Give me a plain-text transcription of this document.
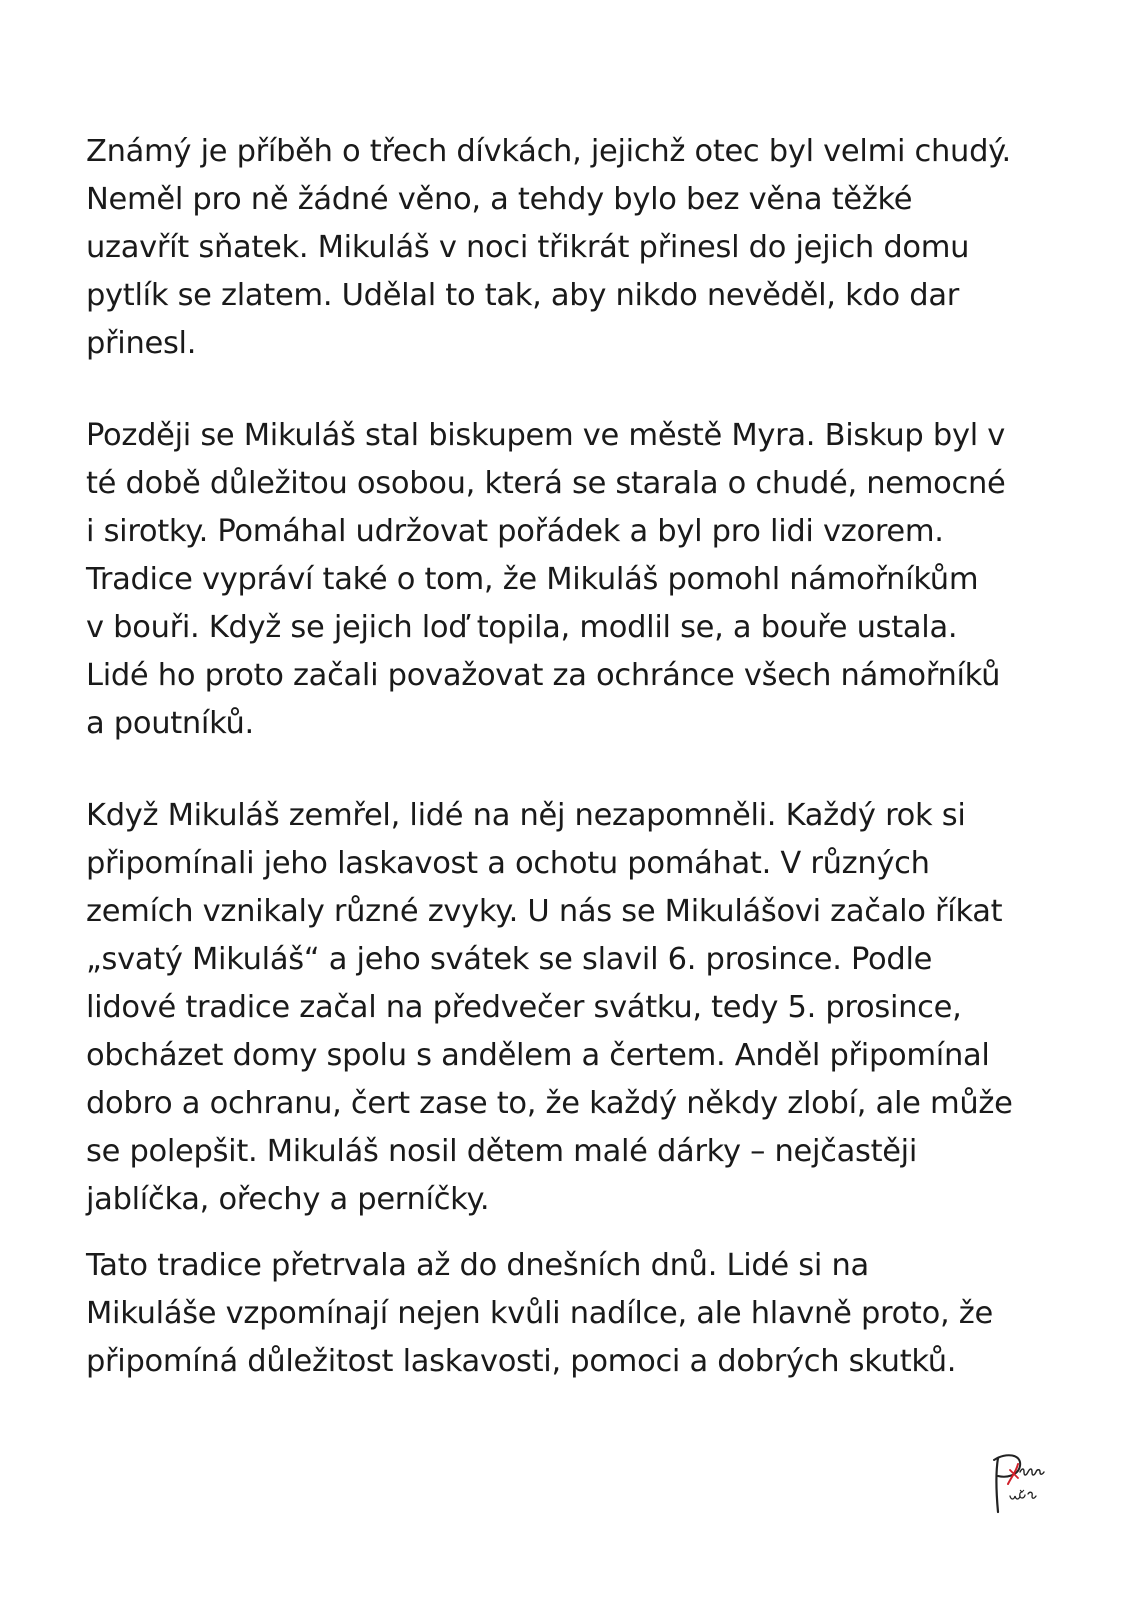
Známý je příběh o třech dívkách, jejichž otec byl velmi chudý.
Neměl pro ně žádné věno, a tehdy bylo bez věna těžké
uzavřít sňatek. Mikuláš v noci třikrát přinesl do jejich domu
pytlík se zlatem. Udělal to tak, aby nikdo nevěděl, kdo dar
přinesl.

Později se Mikuláš stal biskupem ve městě Myra. Biskup byl v
té době důležitou osobou, která se starala o chudé, nemocné
i sirotky. Pomáhal udržovat pořádek a byl pro lidi vzorem.
Tradice vypráví také o tom, že Mikuláš pomohl námořníkům
v bouři. Když se jejich loď topila, modlil se, a bouře ustala.
Lidé ho proto začali považovat za ochránce všech námořníků
a poutníků.

Když Mikuláš zemřel, lidé na něj nezapomněli. Každý rok si
připomínali jeho laskavost a ochotu pomáhat. V různých
zemích vznikaly různé zvyky. U nás se Mikulášovi začalo říkat
„svatý Mikuláš“ a jeho svátek se slavil 6. prosince. Podle
lidové tradice začal na předvečer svátku, tedy 5. prosince,
obcházet domy spolu s andělem a čertem. Anděl připomínal
dobro a ochranu, čert zase to, že každý někdy zlobí, ale může
se polepšit. Mikuláš nosil dětem malé dárky – nejčastěji
jablíčka, ořechy a perníčky.

Tato tradice přetrvala až do dnešních dnů. Lidé si na
Mikuláše vzpomínají nejen kvůli nadílce, ale hlavně proto, že
připomíná důležitost laskavosti, pomoci a dobrých skutků.
